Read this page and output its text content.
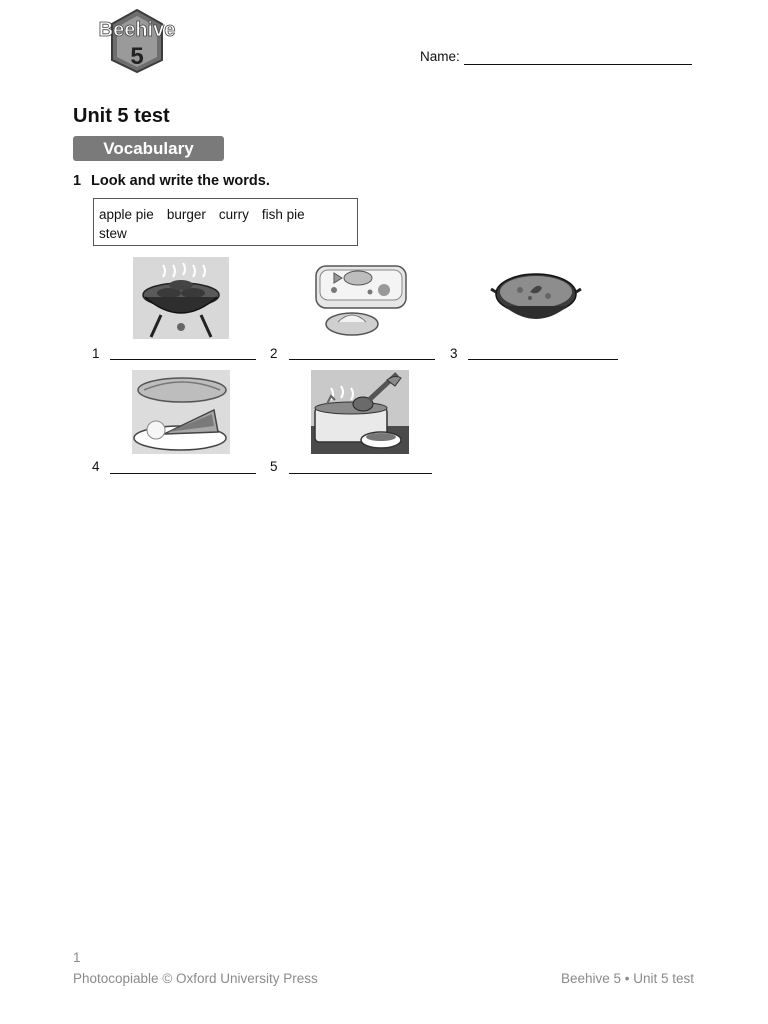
Beehive
5	Name:
Unit 5 test
Vocabulary
1 Look and write the words.
apple pie burger curry fish pie
stew
1	2	3
4	5
1
Photocopiable © Oxford University Press	Beehive 5 • Unit 5 test
